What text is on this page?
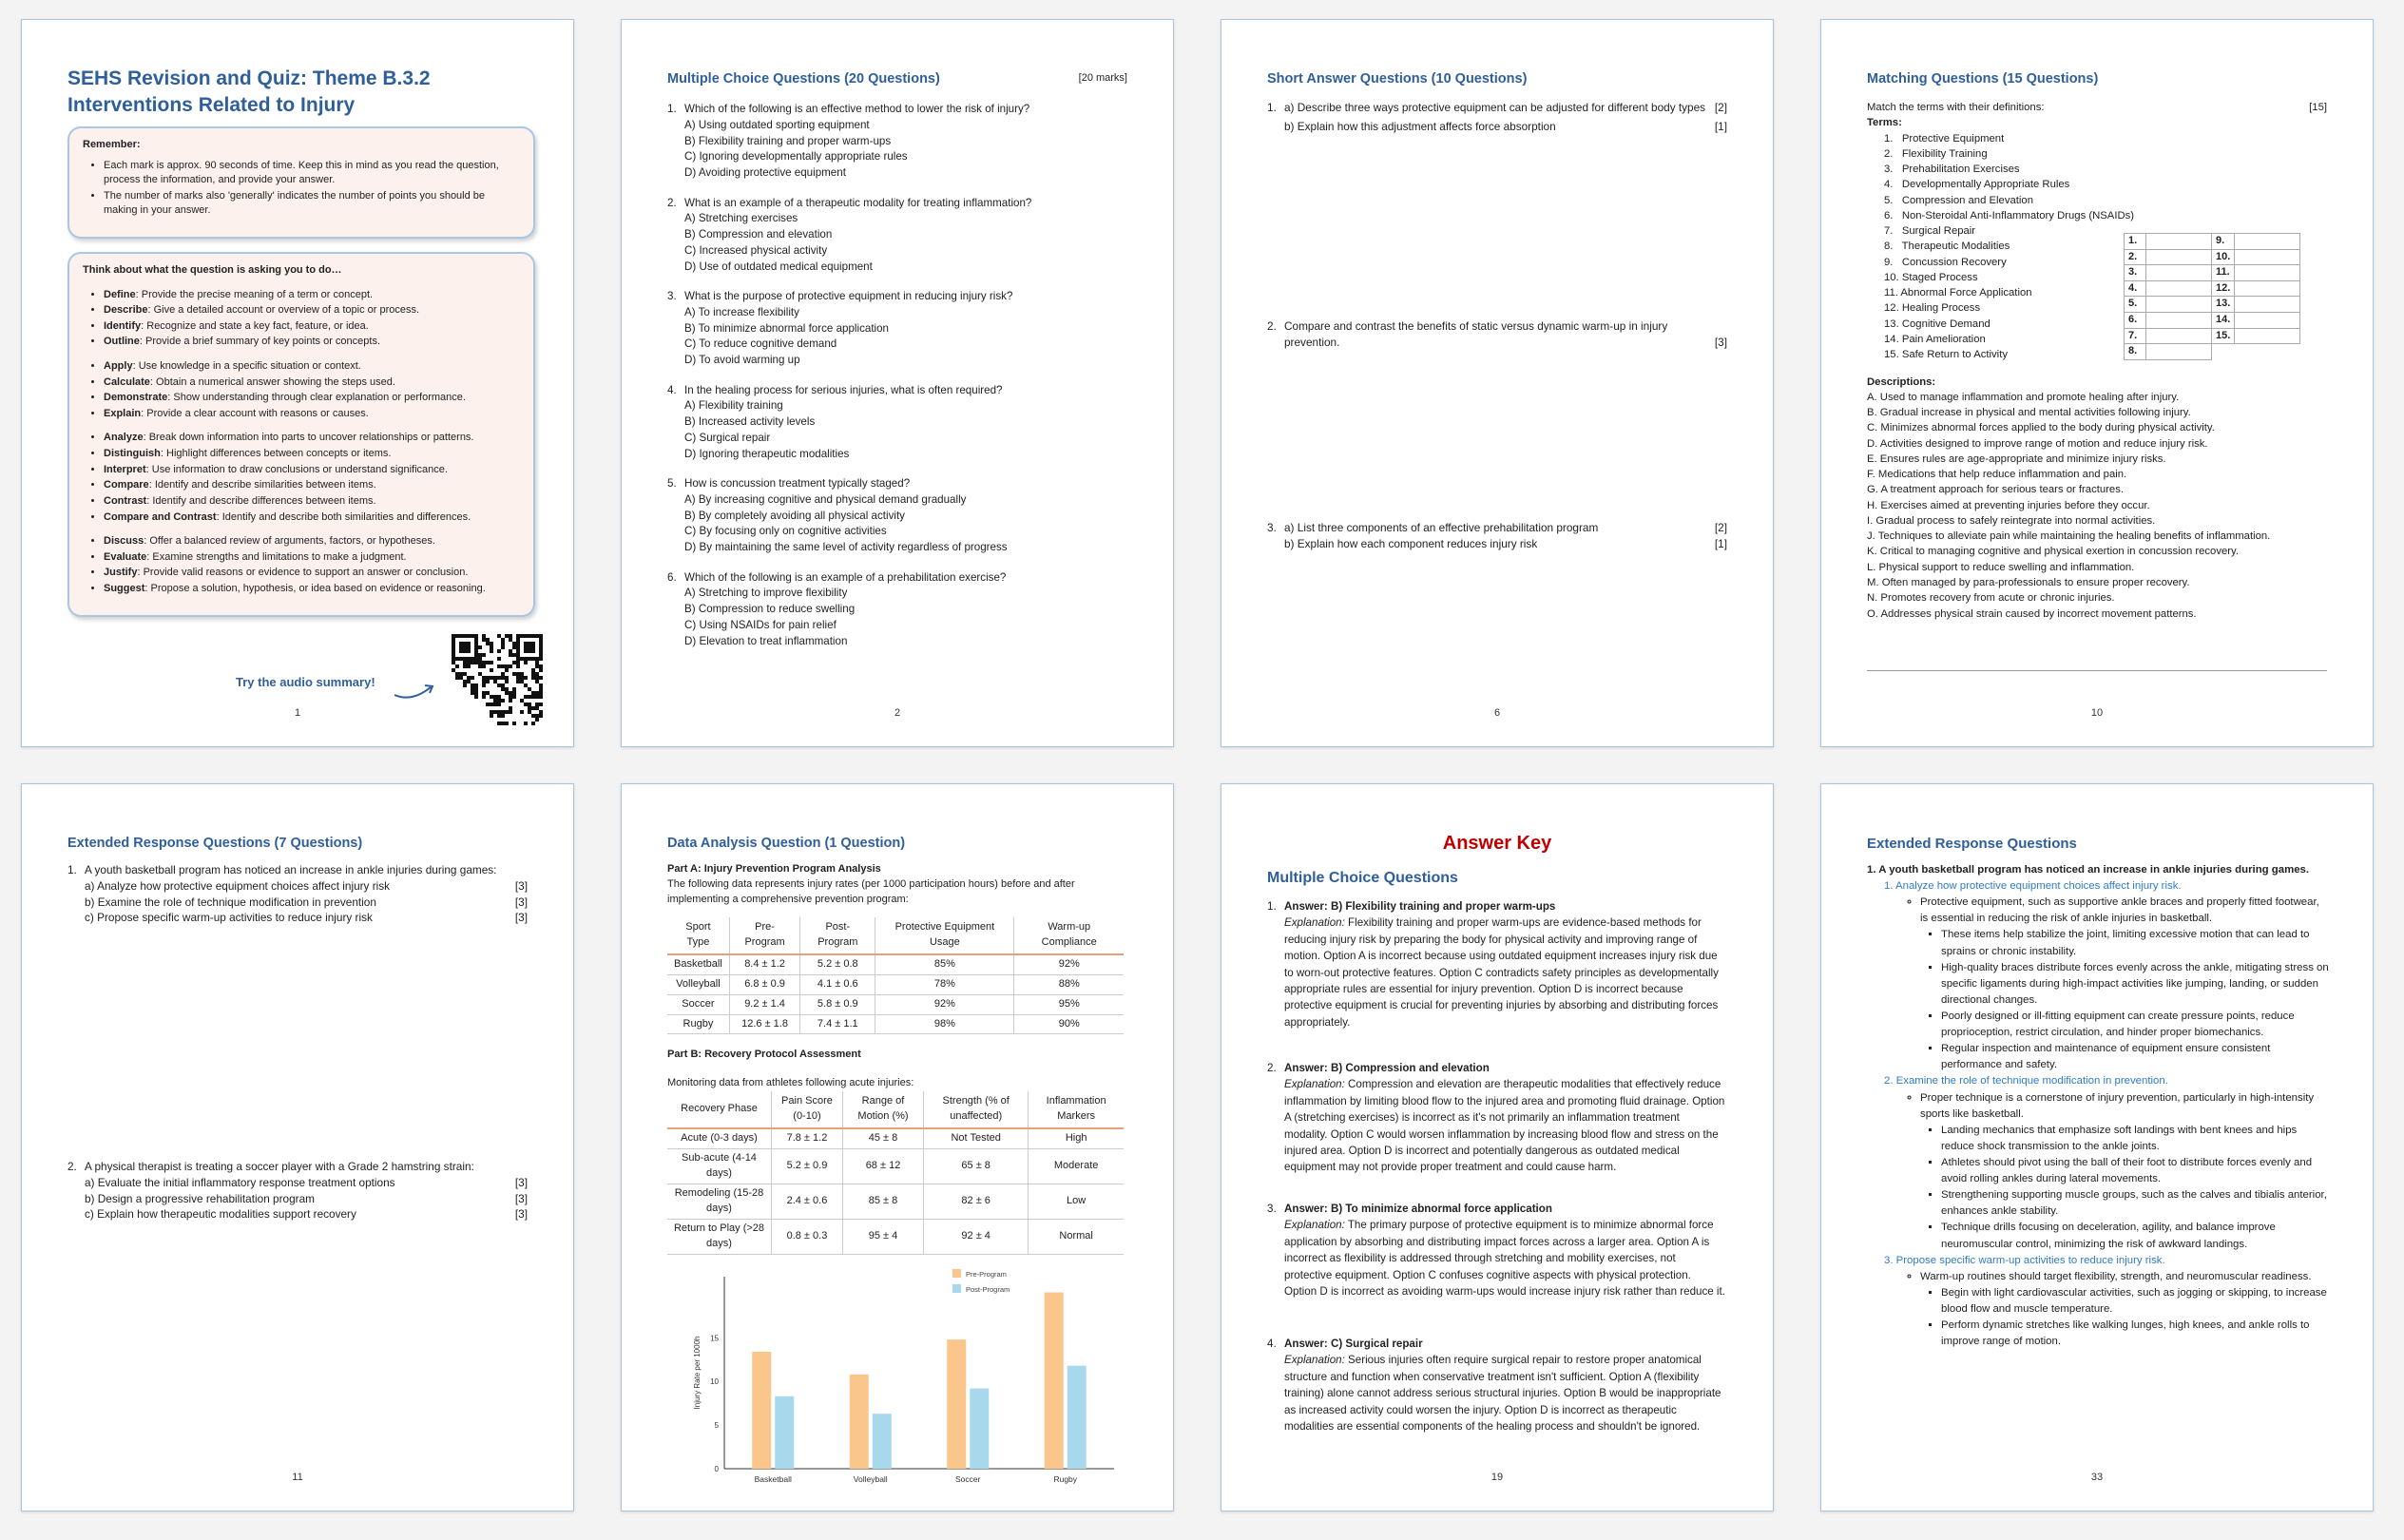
SEHS Revision and Quiz: Theme B.3.2 Interventions Related to Injury
Remember:
• Each mark is approx. 90 seconds of time. Keep this in mind as you read the question, process the information, and provide your answer.
• The number of marks also 'generally' indicates the number of points you should be making in your answer.
Think about what the question is asking you to do…
• Define: Provide the precise meaning of a term or concept.
• Describe: Give a detailed account or overview of a topic or process.
• Identify: Recognize and state a key fact, feature, or idea.
• Outline: Provide a brief summary of key points or concepts.
• Apply: Use knowledge in a specific situation or context.
• Calculate: Obtain a numerical answer showing the steps used.
• Demonstrate: Show understanding through clear explanation or performance.
• Explain: Provide a clear account with reasons or causes.
• Analyze: Break down information into parts to uncover relationships or patterns.
• Distinguish: Highlight differences between concepts or items.
• Interpret: Use information to draw conclusions or understand significance.
• Compare: Identify and describe similarities between items.
• Contrast: Identify and describe differences between items.
• Compare and Contrast: Identify and describe both similarities and differences.
• Discuss: Offer a balanced review of arguments, factors, or hypotheses.
• Evaluate: Examine strengths and limitations to make a judgment.
• Justify: Provide valid reasons or evidence to support an answer or conclusion.
• Suggest: Propose a solution, hypothesis, or idea based on evidence or reasoning.
Try the audio summary!
1
Multiple Choice Questions (20 Questions)	[20 marks]
1. Which of the following is an effective method to lower the risk of injury?
A) Using outdated sporting equipment
B) Flexibility training and proper warm-ups
C) Ignoring developmentally appropriate rules
D) Avoiding protective equipment
2. What is an example of a therapeutic modality for treating inflammation?
A) Stretching exercises
B) Compression and elevation
C) Increased physical activity
D) Use of outdated medical equipment
3. What is the purpose of protective equipment in reducing injury risk?
A) To increase flexibility
B) To minimize abnormal force application
C) To reduce cognitive demand
D) To avoid warming up
4. In the healing process for serious injuries, what is often required?
A) Flexibility training
B) Increased activity levels
C) Surgical repair
D) Ignoring therapeutic modalities
5. How is concussion treatment typically staged?
A) By increasing cognitive and physical demand gradually
B) By completely avoiding all physical activity
C) By focusing only on cognitive activities
D) By maintaining the same level of activity regardless of progress
6. Which of the following is an example of a prehabilitation exercise?
A) Stretching to improve flexibility
B) Compression to reduce swelling
C) Using NSAIDs for pain relief
D) Elevation to treat inflammation
2
Short Answer Questions (10 Questions)
1. a) Describe three ways protective equipment can be adjusted for different body types [2]
b) Explain how this adjustment affects force absorption	[1]
2. Compare and contrast the benefits of static versus dynamic warm-up in injury prevention.	[3]
3. a) List three components of an effective prehabilitation program	[2]
b) Explain how each component reduces injury risk	[1]
6
Matching Questions (15 Questions)
Match the terms with their definitions:	[15]
Terms:
1.   Protective Equipment
2.   Flexibility Training
3.   Prehabilitation Exercises
4.   Developmentally Appropriate Rules
5.   Compression and Elevation
6.   Non-Steroidal Anti-Inflammatory Drugs (NSAIDs)
7.   Surgical Repair
8.   Therapeutic Modalities
9.   Concussion Recovery
10. Staged Process
11. Abnormal Force Application
12. Healing Process
13. Cognitive Demand
14. Pain Amelioration
15. Safe Return to Activity
Descriptions:
A. Used to manage inflammation and promote healing after injury.
B. Gradual increase in physical and mental activities following injury.
C. Minimizes abnormal forces applied to the body during physical activity.
D. Activities designed to improve range of motion and reduce injury risk.
E. Ensures rules are age-appropriate and minimize injury risks.
F. Medications that help reduce inflammation and pain.
G. A treatment approach for serious tears or fractures.
H. Exercises aimed at preventing injuries before they occur.
I. Gradual process to safely reintegrate into normal activities.
J. Techniques to alleviate pain while maintaining the healing benefits of inflammation.
K. Critical to managing cognitive and physical exertion in concussion recovery.
L. Physical support to reduce swelling and inflammation.
M. Often managed by para-professionals to ensure proper recovery.
N. Promotes recovery from acute or chronic injuries.
O. Addresses physical strain caused by incorrect movement patterns.
1.		9.	
2.		10.	
3.		11.	
4.		12.	
5.		13.	
6.		14.	
7.		15.	
8.			
10
Extended Response Questions (7 Questions)
1. A youth basketball program has noticed an increase in ankle injuries during games:
a) Analyze how protective equipment choices affect injury risk	[3]
b) Examine the role of technique modification in prevention	[3]
c) Propose specific warm-up activities to reduce injury risk	[3]
2. A physical therapist is treating a soccer player with a Grade 2 hamstring strain:
a) Evaluate the initial inflammatory response treatment options	[3]
b) Design a progressive rehabilitation program	[3]
c) Explain how therapeutic modalities support recovery	[3]
11
Data Analysis Question (1 Question)
Part A: Injury Prevention Program Analysis
The following data represents injury rates (per 1000 participation hours) before and after implementing a comprehensive prevention program:
Sport Type	Pre-Program	Post-Program	Protective Equipment Usage	Warm-up Compliance
Basketball	8.4 ± 1.2	5.2 ± 0.8	85%	92%
Volleyball	6.8 ± 0.9	4.1 ± 0.6	78%	88%
Soccer	9.2 ± 1.4	5.8 ± 0.9	92%	95%
Rugby	12.6 ± 1.8	7.4 ± 1.1	98%	90%
Part B: Recovery Protocol Assessment
Monitoring data from athletes following acute injuries:
Recovery Phase	Pain Score (0-10)	Range of Motion (%)	Strength (% of unaffected)	Inflammation Markers
Acute (0-3 days)	7.8 ± 1.2	45 ± 8	Not Tested	High
Sub-acute (4-14 days)	5.2 ± 0.9	68 ± 12	65 ± 8	Moderate
Remodeling (15-28 days)	2.4 ± 0.6	85 ± 8	82 ± 6	Low
Return to Play (>28 days)	0.8 ± 0.3	95 ± 4	92 ± 4	Normal
0
5
10
15
Injury Rate per 1000h
Basketball	Volleyball	Soccer	Rugby
Pre-Program
Post-Program
Answer Key
Multiple Choice Questions
1. Answer: B) Flexibility training and proper warm-ups
Explanation: Flexibility training and proper warm-ups are evidence-based methods for reducing injury risk by preparing the body for physical activity and improving range of motion. Option A is incorrect because using outdated equipment increases injury risk due to worn-out protective features. Option C contradicts safety principles as developmentally appropriate rules are essential for injury prevention. Option D is incorrect because protective equipment is crucial for preventing injuries by absorbing and distributing forces appropriately.
2. Answer: B) Compression and elevation
Explanation: Compression and elevation are therapeutic modalities that effectively reduce inflammation by limiting blood flow to the injured area and promoting fluid drainage. Option A (stretching exercises) is incorrect as it's not primarily an inflammation treatment modality. Option C would worsen inflammation by increasing blood flow and stress on the injured area. Option D is incorrect and potentially dangerous as outdated medical equipment may not provide proper treatment and could cause harm.
3. Answer: B) To minimize abnormal force application
Explanation: The primary purpose of protective equipment is to minimize abnormal force application by absorbing and distributing impact forces across a larger area. Option A is incorrect as flexibility is addressed through stretching and mobility exercises, not protective equipment. Option C confuses cognitive aspects with physical protection. Option D is incorrect as avoiding warm-ups would increase injury risk rather than reduce it.
4. Answer: C) Surgical repair
Explanation: Serious injuries often require surgical repair to restore proper anatomical structure and function when conservative treatment isn't sufficient. Option A (flexibility training) alone cannot address serious structural injuries. Option B would be inappropriate as increased activity could worsen the injury. Option D is incorrect as therapeutic modalities are essential components of the healing process and shouldn't be ignored.
19
Extended Response Questions
1. A youth basketball program has noticed an increase in ankle injuries during games.
1. Analyze how protective equipment choices affect injury risk.
◦ Protective equipment, such as supportive ankle braces and properly fitted footwear, is essential in reducing the risk of ankle injuries in basketball.
▪ These items help stabilize the joint, limiting excessive motion that can lead to sprains or chronic instability.
▪ High-quality braces distribute forces evenly across the ankle, mitigating stress on specific ligaments during high-impact activities like jumping, landing, or sudden directional changes.
▪ Poorly designed or ill-fitting equipment can create pressure points, reduce proprioception, restrict circulation, and hinder proper biomechanics.
▪ Regular inspection and maintenance of equipment ensure consistent performance and safety.
2. Examine the role of technique modification in prevention.
◦ Proper technique is a cornerstone of injury prevention, particularly in high-intensity sports like basketball.
▪ Landing mechanics that emphasize soft landings with bent knees and hips reduce shock transmission to the ankle joints.
▪ Athletes should pivot using the ball of their foot to distribute forces evenly and avoid rolling ankles during lateral movements.
▪ Strengthening supporting muscle groups, such as the calves and tibialis anterior, enhances ankle stability.
▪ Technique drills focusing on deceleration, agility, and balance improve neuromuscular control, minimizing the risk of awkward landings.
3. Propose specific warm-up activities to reduce injury risk.
◦ Warm-up routines should target flexibility, strength, and neuromuscular readiness.
▪ Begin with light cardiovascular activities, such as jogging or skipping, to increase blood flow and muscle temperature.
▪ Perform dynamic stretches like walking lunges, high knees, and ankle rolls to improve range of motion.
33
